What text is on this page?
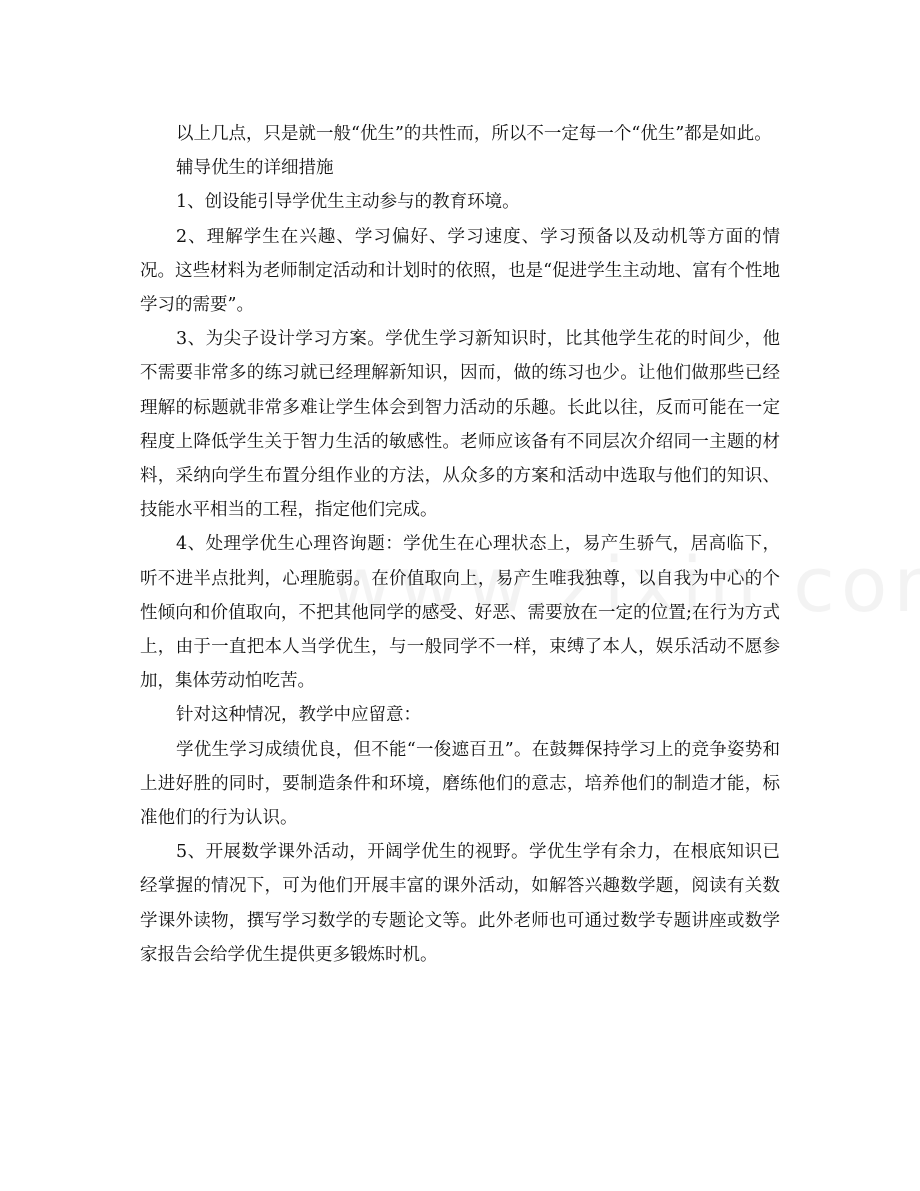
以上几点，只是就一般“优生”的共性而，所以不一定每一个“优生”都是如此。

辅导优生的详细措施

1、创设能引导学优生主动参与的教育环境。

2、理解学生在兴趣、学习偏好、学习速度、学习预备以及动机等方面的情况。这些材料为老师制定活动和计划时的依照，也是“促进学生主动地、富有个性地学习的需要”。

3、为尖子设计学习方案。学优生学习新知识时，比其他学生花的时间少，他不需要非常多的练习就已经理解新知识，因而，做的练习也少。让他们做那些已经理解的标题就非常多难让学生体会到智力活动的乐趣。长此以往，反而可能在一定程度上降低学生关于智力生活的敏感性。老师应该备有不同层次介绍同一主题的材料，采纳向学生布置分组作业的方法，从众多的方案和活动中选取与他们的知识、技能水平相当的工程，指定他们完成。

4、处理学优生心理咨询题：学优生在心理状态上，易产生骄气，居高临下，听不进半点批判，心理脆弱。在价值取向上，易产生唯我独尊，以自我为中心的个性倾向和价值取向，不把其他同学的感受、好恶、需要放在一定的位置;在行为方式上，由于一直把本人当学优生，与一般同学不一样，束缚了本人，娱乐活动不愿参加，集体劳动怕吃苦。

针对这种情况，教学中应留意：

学优生学习成绩优良，但不能“一俊遮百丑”。在鼓舞保持学习上的竞争姿势和上进好胜的同时，要制造条件和环境，磨练他们的意志，培养他们的制造才能，标准他们的行为认识。

5、开展数学课外活动，开阔学优生的视野。学优生学有余力，在根底知识已经掌握的情况下，可为他们开展丰富的课外活动，如解答兴趣数学题，阅读有关数学课外读物，撰写学习数学的专题论文等。此外老师也可通过数学专题讲座或数学家报告会给学优生提供更多锻炼时机。
